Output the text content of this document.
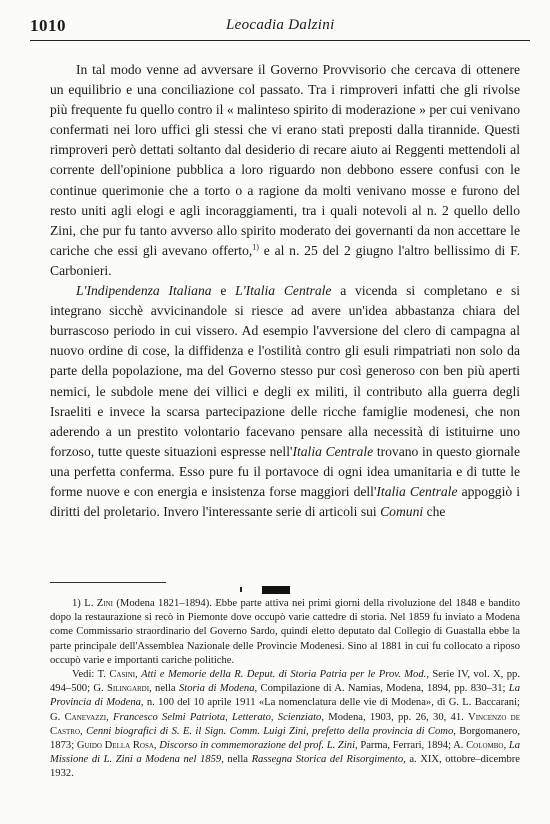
1010	Leocadia Dalzini

In tal modo venne ad avversare il Governo Provvisorio che cercava di ottenere un equilibrio e una conciliazione col passato. Tra i rimproveri infatti che gli rivolse più frequente fu quello contro il « malinteso spirito di moderazione » per cui venivano confermati nei loro uffici gli stessi che vi erano stati preposti dalla tirannide. Questi rimproveri però dettati soltanto dal desiderio di recare aiuto ai Reggenti mettendoli al corrente dell'opinione pubblica a loro riguardo non debbono essere confusi con le continue querimonie che a torto o a ragione da molti venivano mosse e furono del resto uniti agli elogi e agli incoraggiamenti, tra i quali notevoli al n. 2 quello dello Zini, che pur fu tanto avverso allo spirito moderato dei governanti da non accettare le cariche che essi gli avevano offerto,$^{1)}$ e al n. 25 del 2 giugno l'altro bellissimo di F. Carbonieri.

L'Indipendenza Italiana e L'Italia Centrale a vicenda si completano e si integrano sicchè avvicinandole si riesce ad avere un'idea abbastanza chiara del burrascoso periodo in cui vissero. Ad esempio l'avversione del clero di campagna al nuovo ordine di cose, la diffidenza e l'ostilità contro gli esuli rimpatriati non solo da parte della popolazione, ma del Governo stesso pur così generoso con ben più aperti nemici, le subdole mene dei villici e degli ex militi, il contributo alla guerra degli Israeliti e invece la scarsa partecipazione delle ricche famiglie modenesi, che non aderendo a un prestito volontario facevano pensare alla necessità di istituirne uno forzoso, tutte queste situazioni espresse nell'Italia Centrale trovano in questo giornale una perfetta conferma. Esso pure fu il portavoce di ogni idea umanitaria e di tutte le forme nuove e con energia e insistenza forse maggiori dell'Italia Centrale appoggiò i diritti del proletario. Invero l'interessante serie di articoli sui Comuni che

1) L. Zini (Modena 1821–1894). Ebbe parte attiva nei primi giorni della rivoluzione del 1848 e bandito dopo la restaurazione si recò in Piemonte dove occupò varie cattedre di storia. Nel 1859 fu inviato a Modena come Commissario straordinario del Governo Sardo, quindi eletto deputato dal Collegio di Guastalla ebbe la parte principale dell'Assemblea Nazionale delle Provincie Modenesi. Sino al 1881 in cui fu collocato a riposo occupò varie e importanti cariche politiche.

Vedi: T. Casini, Atti e Memorie della R. Deput. di Storia Patria per le Prov. Mod., Serie IV, vol. X, pp. 494–500; G. Silingardi, nella Storia di Modena, Compilazione di A. Namias, Modena, 1894, pp. 830–31; La Provincia di Modena, n. 100 del 10 aprile 1911 «La nomenclatura delle vie di Modena», di G. L. Baccarani; G. Canevazzi, Francesco Selmi Patriota, Letterato, Scienziato, Modena, 1903, pp. 26, 30, 41. Vincenzo de Castro, Cenni biografici di S. E. il Sign. Comm. Luigi Zini, prefetto della provincia di Como, Borgomanero, 1873; Guido Della Rosa, Discorso in commemorazione del prof. L. Zini, Parma, Ferrari, 1894; A. Colombo, La Missione di L. Zini a Modena nel 1859, nella Rassegna Storica del Risorgimento, a. XIX, ottobre–dicembre 1932.
